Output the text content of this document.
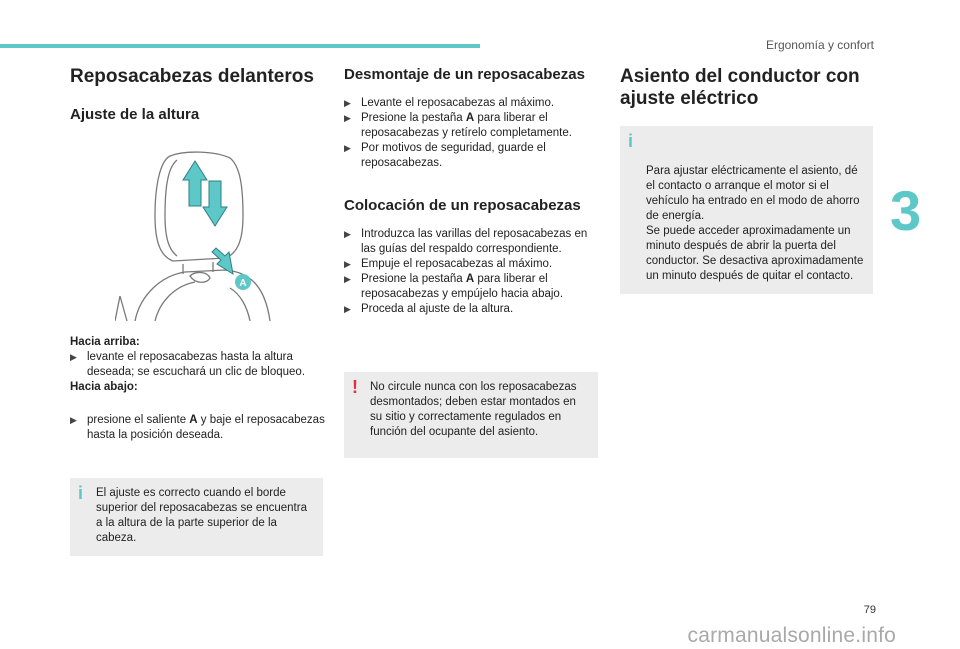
Ergonomía y confort
3
Reposacabezas delanteros
Ajuste de la altura
A
Hacia arriba:
▶ levante el reposacabezas hasta la altura deseada; se escuchará un clic de bloqueo.
Hacia abajo:
▶ presione el saliente A y baje el reposacabezas hasta la posición deseada.
i El ajuste es correcto cuando el borde superior del reposacabezas se encuentra a la altura de la parte superior de la cabeza.
Desmontaje de un reposacabezas
▶ Levante el reposacabezas al máximo.
▶ Presione la pestaña A para liberar el reposacabezas y retírelo completamente.
▶ Por motivos de seguridad, guarde el reposacabezas.
Colocación de un reposacabezas
▶ Introduzca las varillas del reposacabezas en las guías del respaldo correspondiente.
▶ Empuje el reposacabezas al máximo.
▶ Presione la pestaña A para liberar el reposacabezas y empújelo hacia abajo.
▶ Proceda al ajuste de la altura.
! No circule nunca con los reposacabezas desmontados; deben estar montados en su sitio y correctamente regulados en función del ocupante del asiento.
Asiento del conductor con ajuste eléctrico

i

Para ajustar eléctricamente el asiento, dé el contacto o arranque el motor si el vehículo ha entrado en el modo de ahorro de energía.
Se puede acceder aproximadamente un minuto después de abrir la puerta del conductor. Se desactiva aproximadamente un minuto después de quitar el contacto.

79
carmanualsonline.info
